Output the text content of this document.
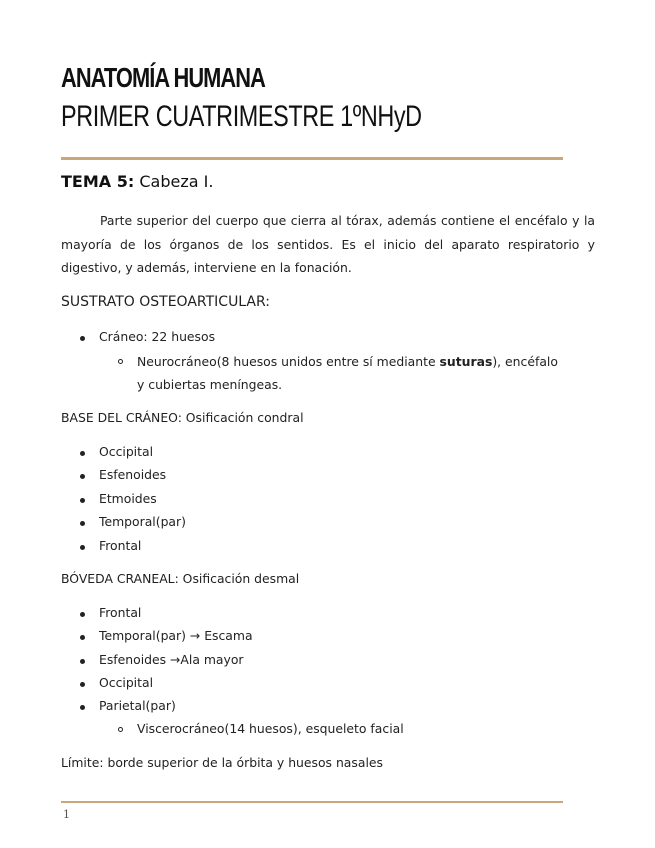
ANATOMÍA HUMANA
PRIMER CUATRIMESTRE 1ºNHyD
TEMA 5: Cabeza I.
Parte superior del cuerpo que cierra al tórax, además contiene el encéfalo y la mayoría de los órganos de los sentidos. Es el inicio del aparato respiratorio y digestivo, y además, interviene en la fonación.
SUSTRATO OSTEOARTICULAR:
Cráneo: 22 huesos
Neurocráneo(8 huesos unidos entre sí mediante suturas), encéfalo y cubiertas meníngeas.
BASE DEL CRÁNEO: Osificación condral
Occipital
Esfenoides
Etmoides
Temporal(par)
Frontal
BÓVEDA CRANEAL: Osificación desmal
Frontal
Temporal(par) → Escama
Esfenoides →Ala mayor
Occipital
Parietal(par)
Viscerocráneo(14 huesos), esqueleto facial
Límite: borde superior de la órbita y huesos nasales
1
